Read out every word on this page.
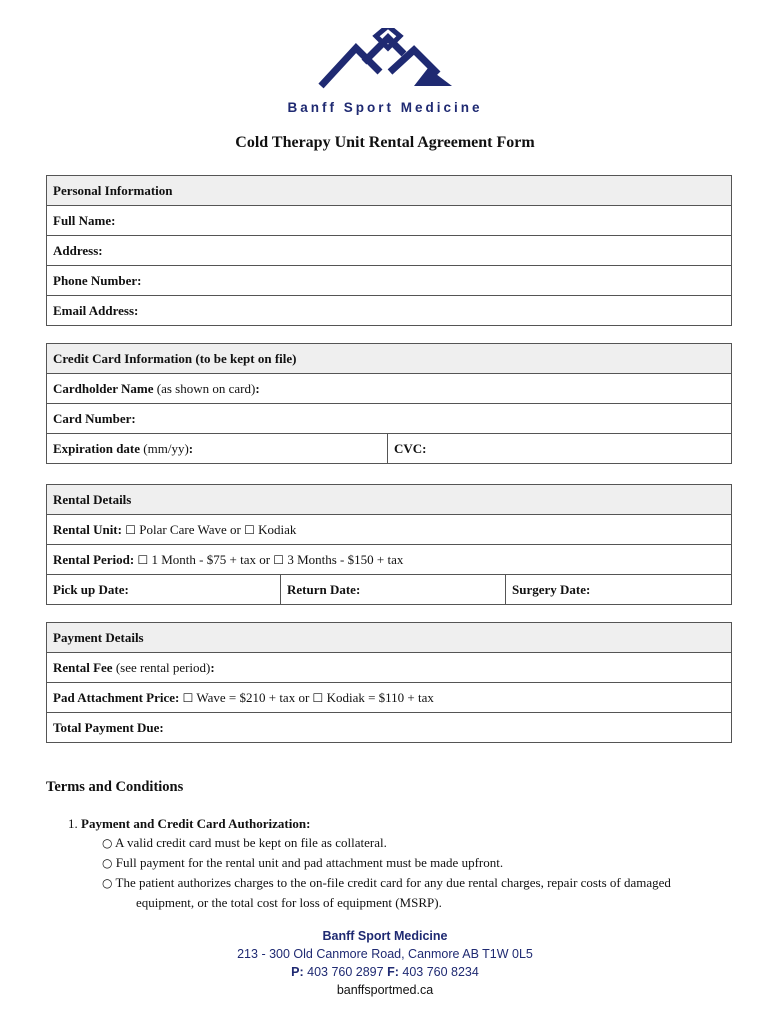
Banff Sport Medicine
Cold Therapy Unit Rental Agreement Form
Personal Information
Full Name:
Address:
Phone Number:
Email Address:
Credit Card Information (to be kept on file)
Cardholder Name (as shown on card):
Card Number:
Expiration date (mm/yy):	CVC:
Rental Details
Rental Unit: ☐ Polar Care Wave or ☐ Kodiak
Rental Period: ☐ 1 Month - $75 + tax or ☐ 3 Months - $150 + tax
Pick up Date:	Return Date:	Surgery Date:
Payment Details
Rental Fee (see rental period):
Pad Attachment Price: ☐ Wave = $210 + tax or ☐ Kodiak = $110 + tax
Total Payment Due:
Terms and Conditions
1. Payment and Credit Card Authorization:
○ A valid credit card must be kept on file as collateral.
○ Full payment for the rental unit and pad attachment must be made upfront.
○ The patient authorizes charges to the on-file credit card for any due rental charges, repair costs of damaged
equipment, or the total cost for loss of equipment (MSRP).
Banff Sport Medicine
213 - 300 Old Canmore Road, Canmore AB T1W 0L5
P: 403 760 2897 F: 403 760 8234
banffsportmed.ca
